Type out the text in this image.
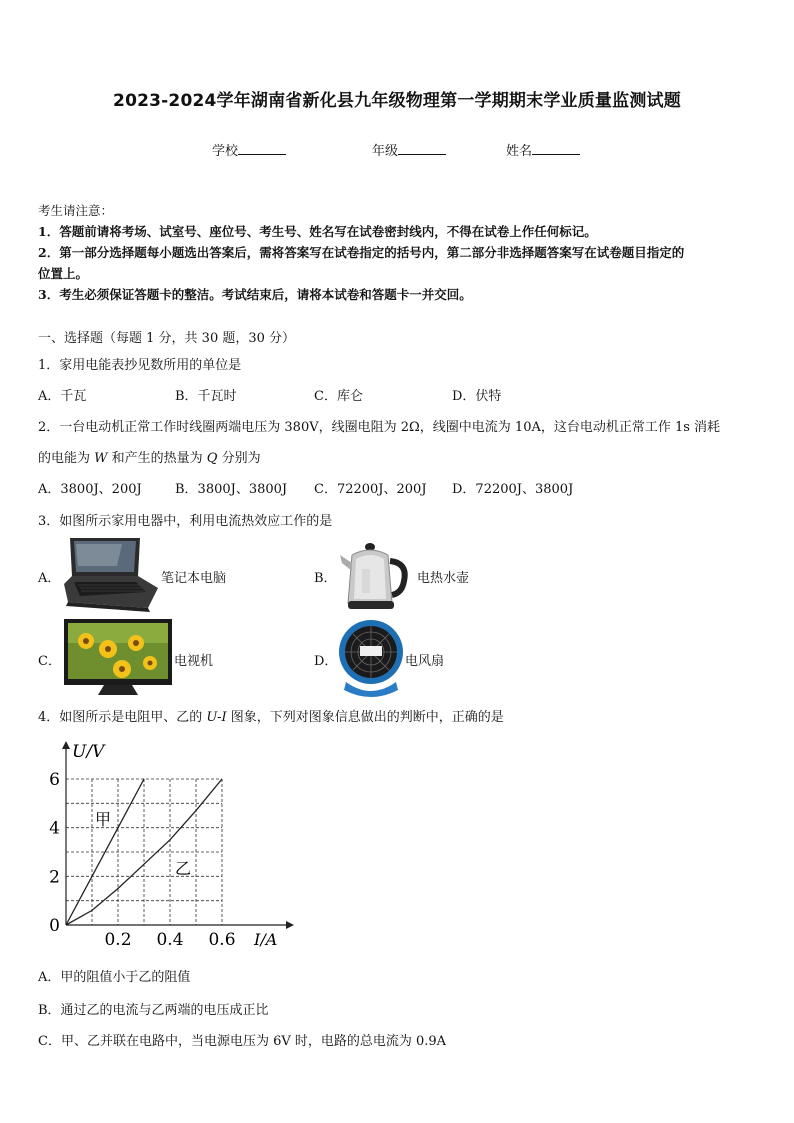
2023-2024学年湖南省新化县九年级物理第一学期期末学业质量监测试题
学校	年级	姓名
考生请注意：
1．答题前请将考场、试室号、座位号、考生号、姓名写在试卷密封线内，不得在试卷上作任何标记。
2．第一部分选择题每小题选出答案后，需将答案写在试卷指定的括号内，第二部分非选择题答案写在试卷题目指定的
位置上。
3．考生必须保证答题卡的整洁。考试结束后，请将本试卷和答题卡一并交回。
一、选择题（每题 1 分，共 30 题，30 分）
1．家用电能表抄见数所用的单位是
A．千瓦	B．千瓦时	C．库仑	D．伏特
2．一台电动机正常工作时线圈两端电压为 380V，线圈电阻为 2Ω，线圈中电流为 10A，这台电动机正常工作 1s 消耗
的电能为 W 和产生的热量为 Q 分别为
A．3800J、200J	B．3800J、3800J C．72200J、200J D．72200J、3800J
3．如图所示家用电器中，利用电流热效应工作的是
A．	笔记本电脑	B．	电热水壶
C．	电视机	D．	电风扇
4．如图所示是电阻甲、乙的 U-I 图象，下列对图象信息做出的判断中，正确的是
U/V
I/A
0
2
4
6
0.2 0.4 0.6
甲
乙
A．甲的阻值小于乙的阻值
B．通过乙的电流与乙两端的电压成正比
C．甲、乙并联在电路中，当电源电压为 6V 时，电路的总电流为 0.9A
